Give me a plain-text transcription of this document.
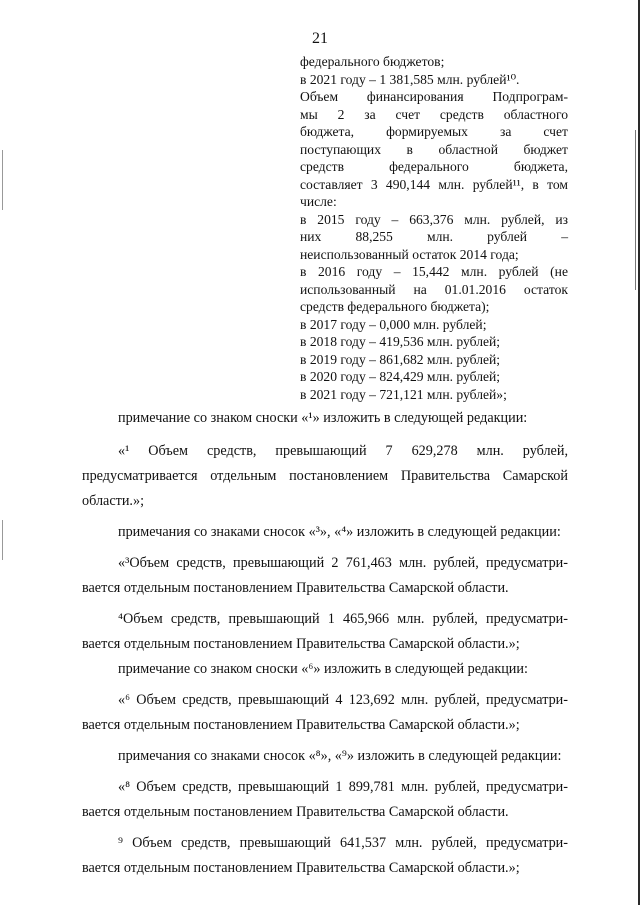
21
федерального бюджетов;
в 2021 году – 1 381,585 млн. рублей¹⁰.
Объем финансирования Подпрограм-
мы 2 за счет средств областного
бюджета, формируемых за счет
поступающих в областной бюджет
средств федерального бюджета,
составляет 3 490,144 млн. рублей¹¹, в том
числе:
в 2015 году – 663,376 млн. рублей, из
них 88,255 млн. рублей –
неиспользованный остаток 2014 года;
в 2016 году – 15,442 млн. рублей (не
использованный на 01.01.2016 остаток
средств федерального бюджета);
в 2017 году – 0,000 млн. рублей;
в 2018 году – 419,536 млн. рублей;
в 2019 году – 861,682 млн. рублей;
в 2020 году – 824,429 млн. рублей;
в 2021 году – 721,121 млн. рублей»;
примечание со знаком сноски «¹» изложить в следующей редакции:
«¹ Объем средств, превышающий 7 629,278 млн. рублей,
предусматривается отдельным постановлением Правительства Самарской
области.»;
примечания со знаками сносок «³», «⁴» изложить в следующей редакции:
«³Объем средств, превышающий 2 761,463 млн. рублей, предусматри-
вается отдельным постановлением Правительства Самарской области.
⁴Объем средств, превышающий 1 465,966 млн. рублей, предусматри-
вается отдельным постановлением Правительства Самарской области.»;
примечание со знаком сноски «⁶» изложить в следующей редакции:
«⁶ Объем средств, превышающий 4 123,692 млн. рублей, предусматри-
вается отдельным постановлением Правительства Самарской области.»;
примечания со знаками сносок «⁸», «⁹» изложить в следующей редакции:
«⁸ Объем средств, превышающий 1 899,781 млн. рублей, предусматри-
вается отдельным постановлением Правительства Самарской области.
⁹ Объем средств, превышающий 641,537 млн. рублей, предусматри-
вается отдельным постановлением Правительства Самарской области.»;
